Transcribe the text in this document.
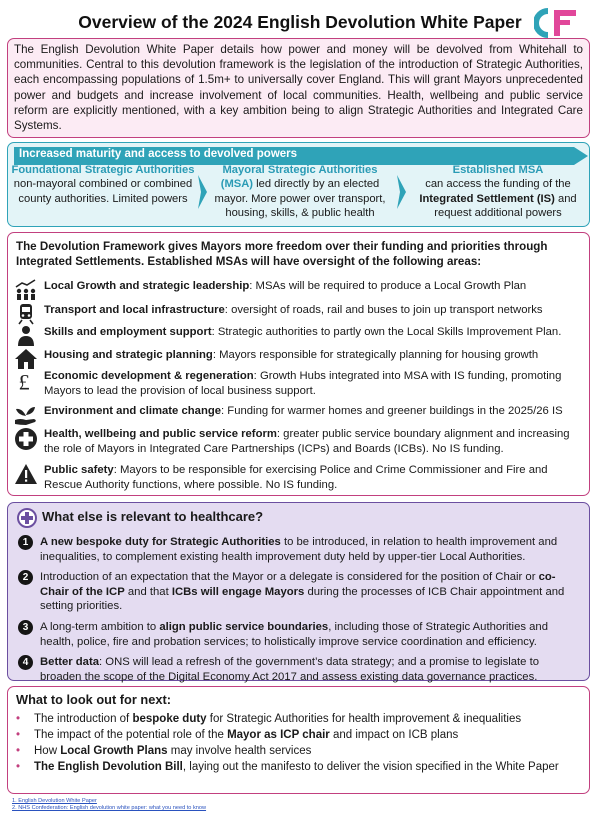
Overview of the 2024 English Devolution White Paper
CF

The English Devolution White Paper details how power and money will be devolved from Whitehall to communities. Central to this devolution framework is the legislation of the introduction of Strategic Authorities, each encompassing populations of 1.5m+ to universally cover England. This will grant Mayors unprecedented power and budgets and increase involvement of local communities. Health, wellbeing and public service reform are explicitly mentioned, with a key ambition being to align Strategic Authorities and Integrated Care Systems.

Increased maturity and access to devolved powers
Foundational Strategic Authorities
non-mayoral combined or combined county authorities. Limited powers
Mayoral Strategic Authorities
(MSA) led directly by an elected mayor. More power over transport, housing, skills, & public health
Established MSA
can access the funding of the Integrated Settlement (IS) and request additional powers
The Devolution Framework gives Mayors more freedom over their funding and priorities through Integrated Settlements. Established MSAs will have oversight of the following areas:
Local Growth and strategic leadership: MSAs will be required to produce a Local Growth Plan
Transport and local infrastructure: oversight of roads, rail and buses to join up transport networks
Skills and employment support: Strategic authorities to partly own the Local Skills Improvement Plan.
Housing and strategic planning: Mayors responsible for strategically planning for housing growth
£ Economic development & regeneration: Growth Hubs integrated into MSA with IS funding, promoting Mayors to lead the provision of local business support.
Environment and climate change: Funding for warmer homes and greener buildings in the 2025/26 IS
Health, wellbeing and public service reform: greater public service boundary alignment and increasing the role of Mayors in Integrated Care Partnerships (ICPs) and Boards (ICBs). No IS funding.
Public safety: Mayors to be responsible for exercising Police and Crime Commissioner and Fire and Rescue Authority functions, where possible. No IS funding.
What else is relevant to healthcare?
1	A new bespoke duty for Strategic Authorities to be introduced, in relation to health improvement and inequalities, to complement existing health improvement duty held by upper-tier Local Authorities.
2	Introduction of an expectation that the Mayor or a delegate is considered for the position of Chair or co-Chair of the ICP and that ICBs will engage Mayors during the processes of ICB Chair appointment and setting priorities.
3	A long-term ambition to align public service boundaries, including those of Strategic Authorities and health, police, fire and probation services; to holistically improve service coordination and efficiency.
4	Better data: ONS will lead a refresh of the government’s data strategy; and a promise to legislate to broaden the scope of the Digital Economy Act 2017 and assess existing data governance practices.
What to look out for next:
• The introduction of bespoke duty for Strategic Authorities for health improvement & inequalities
• The impact of the potential role of the Mayor as ICP chair and impact on ICB plans
• How Local Growth Plans may involve health services
• The English Devolution Bill, laying out the manifesto to deliver the vision specified in the White Paper
1. English Devolution White Paper
2. NHS Confederation: English devolution white paper: what you need to know
